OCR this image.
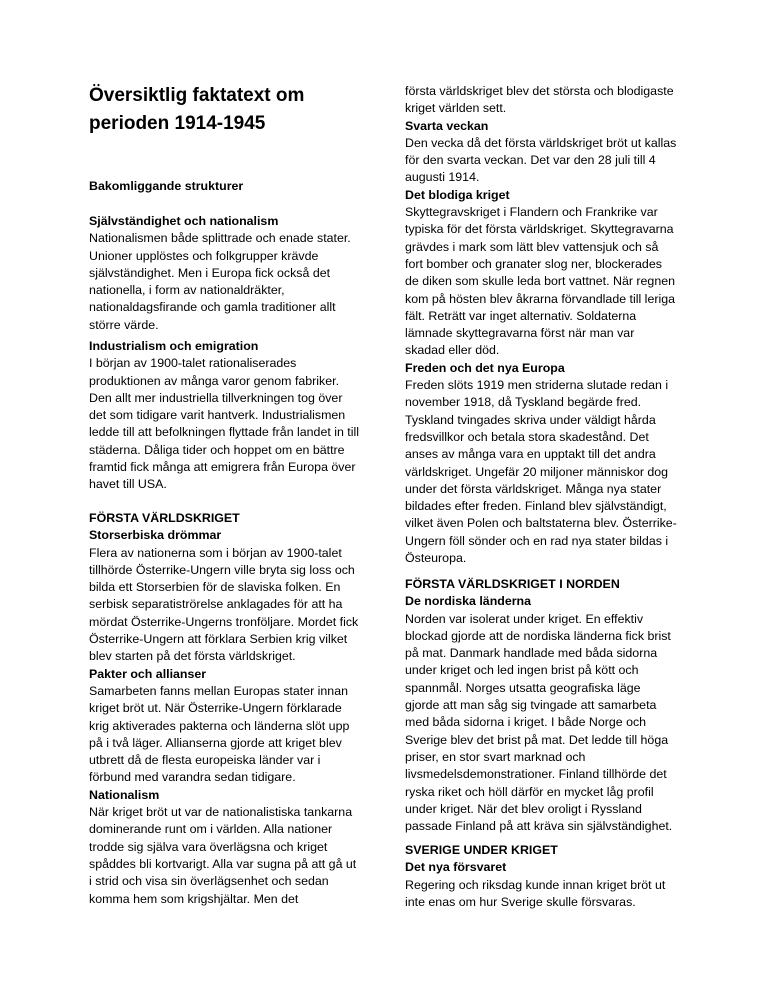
Översiktlig faktatext om perioden 1914-1945

Bakomliggande strukturer

Självständighet och nationalism
Nationalismen både splittrade och enade stater. Unioner upplöstes och folkgrupper krävde självständighet. Men i Europa fick också det nationella, i form av nationaldräkter, nationaldagsfirande och gamla traditioner allt större värde.

Industrialism och emigration
I början av 1900-talet rationaliserades produktionen av många varor genom fabriker. Den allt mer industriella tillverkningen tog över det som tidigare varit hantverk. Industrialismen ledde till att befolkningen flyttade från landet in till städerna. Dåliga tider och hoppet om en bättre framtid fick många att emigrera från Europa över havet till USA.

FÖRSTA VÄRLDSKRIGET
Storserbiska drömmar
Flera av nationerna som i början av 1900-talet tillhörde Österrike-Ungern ville bryta sig loss och bilda ett Storserbien för de slaviska folken. En serbisk separatiströrelse anklagades för att ha mördat Österrike-Ungerns tronföljare. Mordet fick Österrike-Ungern att förklara Serbien krig vilket blev starten på det första världskriget.
Pakter och allianser
Samarbeten fanns mellan Europas stater innan kriget bröt ut. När Österrike-Ungern förklarade krig aktiverades pakterna och länderna slöt upp på i två läger. Allianserna gjorde att kriget blev utbrett då de flesta europeiska länder var i förbund med varandra sedan tidigare.
Nationalism
När kriget bröt ut var de nationalistiska tankarna dominerande runt om i världen. Alla nationer trodde sig själva vara överlägsna och kriget spåddes bli kortvarigt. Alla var sugna på att gå ut i strid och visa sin överlägsenhet och sedan komma hem som krigshjältar. Men det

första världskriget blev det största och blodigaste kriget världen sett.
Svarta veckan
Den vecka då det första världskriget bröt ut kallas för den svarta veckan. Det var den 28 juli till 4 augusti 1914.
Det blodiga kriget
Skyttegravskriget i Flandern och Frankrike var typiska för det första världskriget. Skyttegravarna grävdes i mark som lätt blev vattensjuk och så fort bomber och granater slog ner, blockerades de diken som skulle leda bort vattnet. När regnen kom på hösten blev åkrarna förvandlade till leriga fält. Reträtt var inget alternativ. Soldaterna lämnade skyttegravarna först när man var skadad eller död.
Freden och det nya Europa
Freden slöts 1919 men striderna slutade redan i november 1918, då Tyskland begärde fred. Tyskland tvingades skriva under väldigt hårda fredsvillkor och betala stora skadestånd. Det anses av många vara en upptakt till det andra världskriget. Ungefär 20 miljoner människor dog under det första världskriget. Många nya stater bildades efter freden. Finland blev självständigt, vilket även Polen och baltstaterna blev. Österrike-Ungern föll sönder och en rad nya stater bildas i Östeuropa.

FÖRSTA VÄRLDSKRIGET I NORDEN
De nordiska länderna
Norden var isolerat under kriget. En effektiv blockad gjorde att de nordiska länderna fick brist på mat. Danmark handlade med båda sidorna under kriget och led ingen brist på kött och spannmål. Norges utsatta geografiska läge gjorde att man såg sig tvingade att samarbeta med båda sidorna i kriget. I både Norge och Sverige blev det brist på mat. Det ledde till höga priser, en stor svart marknad och livsmedelsdemonstrationer. Finland tillhörde det ryska riket och höll därför en mycket låg profil under kriget. När det blev oroligt i Ryssland passade Finland på att kräva sin självständighet.

SVERIGE UNDER KRIGET
Det nya försvaret
Regering och riksdag kunde innan kriget bröt ut inte enas om hur Sverige skulle försvaras.
